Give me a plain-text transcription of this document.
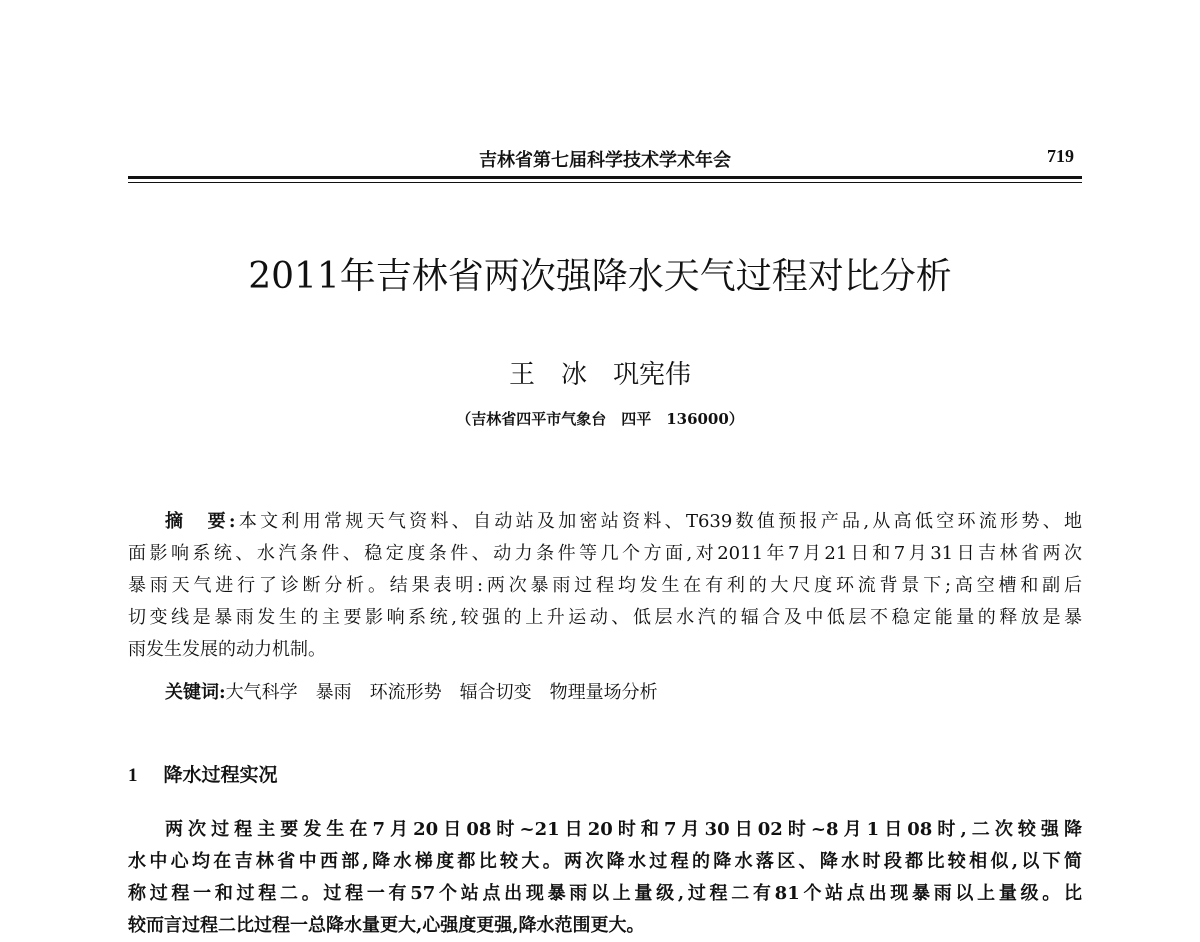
吉林省第七届科学技术学术年会	719
2011年吉林省两次强降水天气过程对比分析
王　冰　巩宪伟
（吉林省四平市气象台　四平　136000）
摘　要:本文利用常规天气资料、自动站及加密站资料、T639数值预报产品,从高低空环流形势、地
面影响系统、水汽条件、稳定度条件、动力条件等几个方面,对2011年7月21日和7月31日吉林省两次
暴雨天气进行了诊断分析。结果表明:两次暴雨过程均发生在有利的大尺度环流背景下;高空槽和副后
切变线是暴雨发生的主要影响系统,较强的上升运动、低层水汽的辐合及中低层不稳定能量的释放是暴
雨发生发展的动力机制。
关键词:大气科学　暴雨　环流形势　辐合切变　物理量场分析
1 降水过程实况
两次过程主要发生在7月20日08时~21日20时和7月30日02时~8月1日08时,二次较强降
水中心均在吉林省中西部,降水梯度都比较大。两次降水过程的降水落区、降水时段都比较相似,以下简
称过程一和过程二。过程一有57个站点出现暴雨以上量级,过程二有81个站点出现暴雨以上量级。比
较而言过程二比过程一总降水量更大,心强度更强,降水范围更大。
